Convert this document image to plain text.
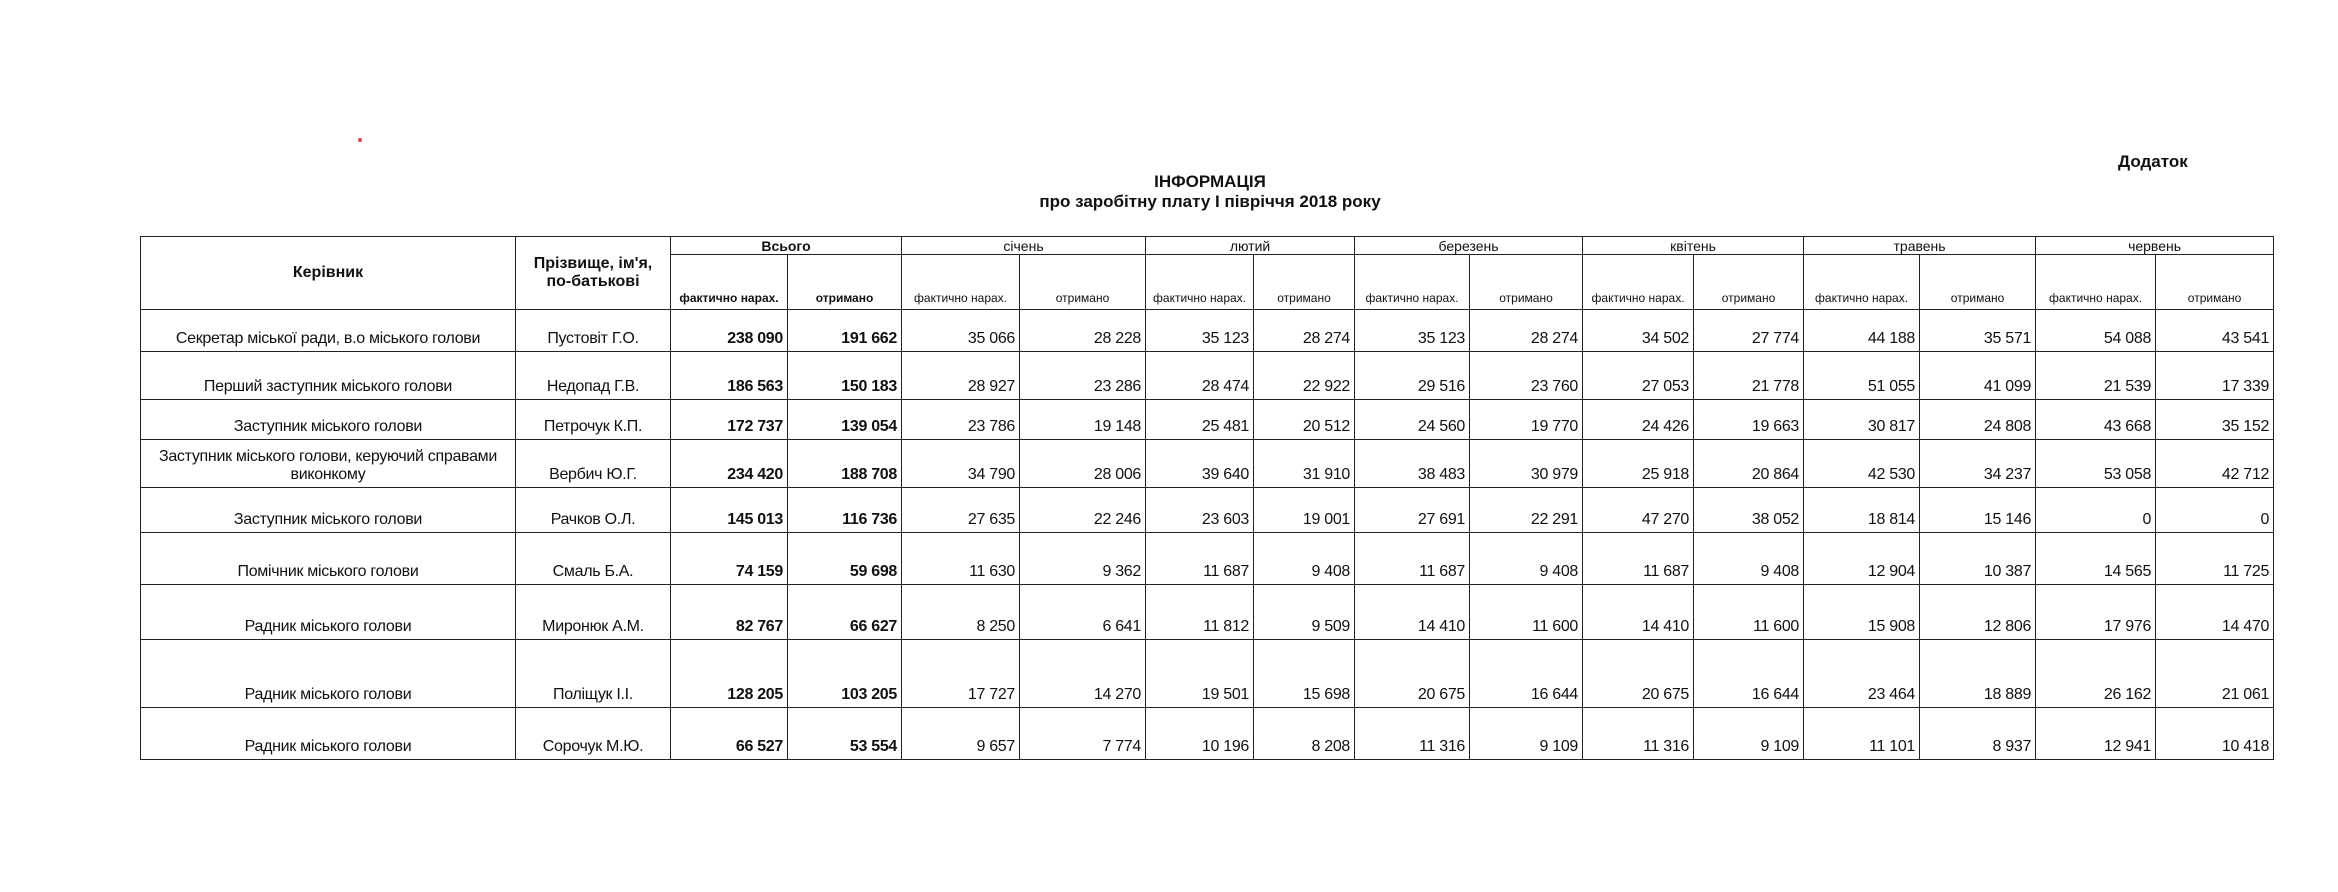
Додаток
ІНФОРМАЦІЯ
про заробітну плату І півріччя 2018 року
Керівник	Прізвище, ім'я, по-батькові	Всього		січень		лютий		березень		квітень		травень		червень	
		фактично нарах.	отримано	фактично нарах.	отримано	фактично нарах.	отримано	фактично нарах.	отримано	фактично нарах.	отримано	фактично нарах.	отримано	фактично нарах.	отримано
Секретар міської ради, в.о міського голови	Пустовіт Г.О.	238 090	191 662	35 066	28 228	35 123	28 274	35 123	28 274	34 502	27 774	44 188	35 571	54 088	43 541
Перший заступник міського голови	Недопад Г.В.	186 563	150 183	28 927	23 286	28 474	22 922	29 516	23 760	27 053	21 778	51 055	41 099	21 539	17 339
Заступник міського голови	Петрочук К.П.	172 737	139 054	23 786	19 148	25 481	20 512	24 560	19 770	24 426	19 663	30 817	24 808	43 668	35 152
Заступник міського голови, керуючий справами виконкому	Вербич Ю.Г.	234 420	188 708	34 790	28 006	39 640	31 910	38 483	30 979	25 918	20 864	42 530	34 237	53 058	42 712
Заступник міського голови	Рачков О.Л.	145 013	116 736	27 635	22 246	23 603	19 001	27 691	22 291	47 270	38 052	18 814	15 146	0	0
Помічник міського голови	Смаль Б.А.	74 159	59 698	11 630	9 362	11 687	9 408	11 687	9 408	11 687	9 408	12 904	10 387	14 565	11 725
Радник міського голови	Миронюк А.М.	82 767	66 627	8 250	6 641	11 812	9 509	14 410	11 600	14 410	11 600	15 908	12 806	17 976	14 470
Радник міського голови	Поліщук І.І.	128 205	103 205	17 727	14 270	19 501	15 698	20 675	16 644	20 675	16 644	23 464	18 889	26 162	21 061
Радник міського голови	Сорочук М.Ю.	66 527	53 554	9 657	7 774	10 196	8 208	11 316	9 109	11 316	9 109	11 101	8 937	12 941	10 418
